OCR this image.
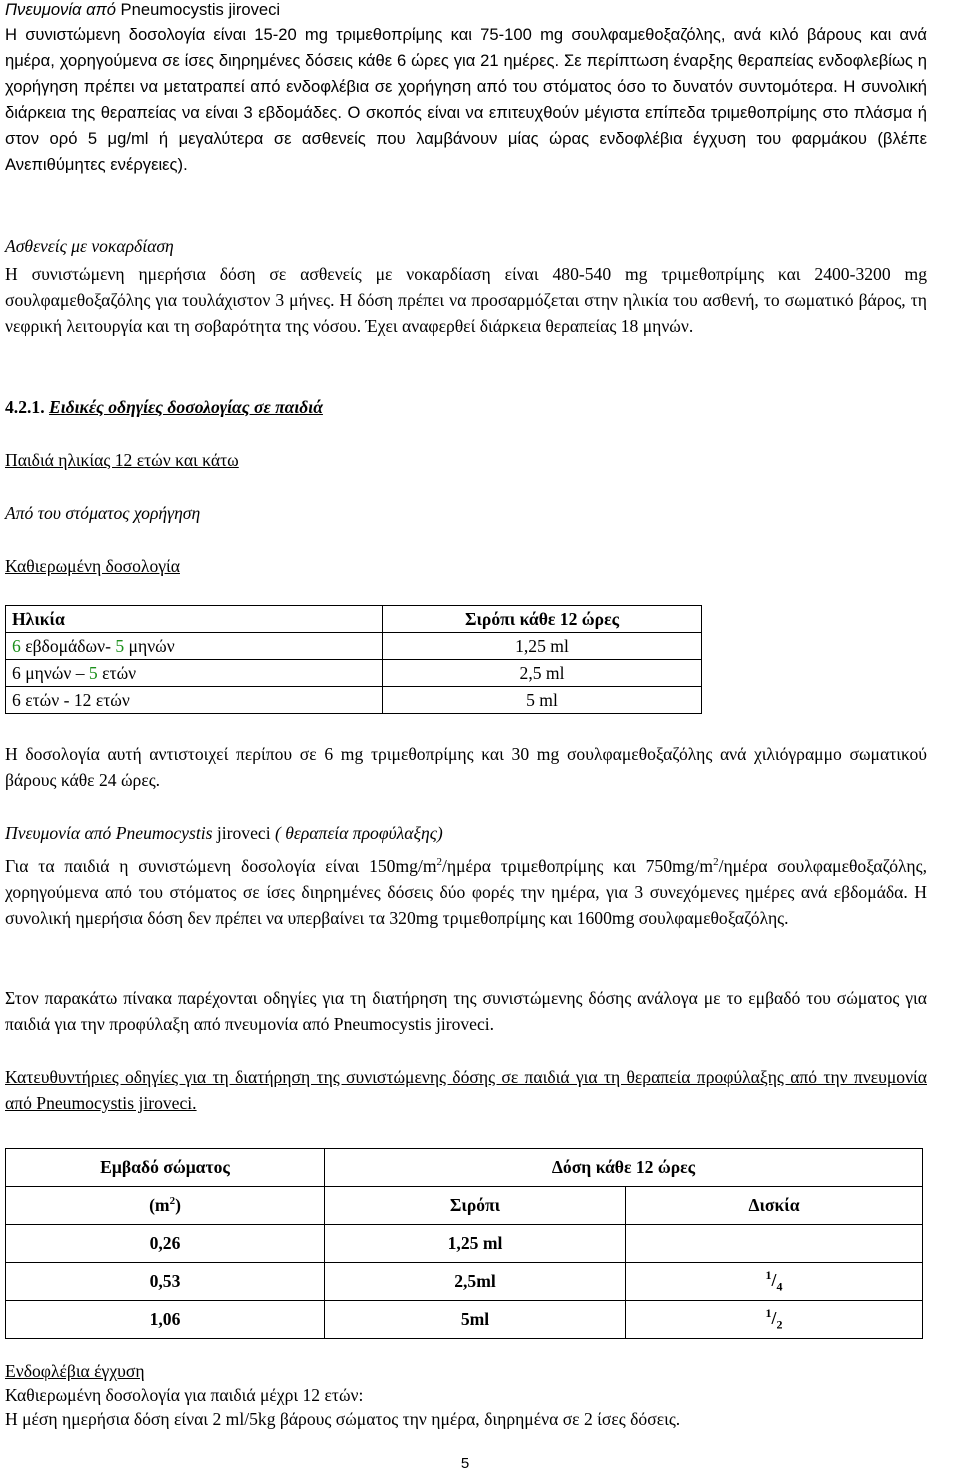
Πνευμονία από Pneumocystis jiroveci

Η συνιστώμενη δοσολογία είναι 15-20 mg τριμεθοπρίμης και 75-100 mg σουλφαμεθοξαζόλης, ανά κιλό βάρους και ανά ημέρα, χορηγούμενα σε ίσες διηρημένες δόσεις κάθε 6 ώρες για 21 ημέρες. Σε περίπτωση έναρξης θεραπείας ενδοφλεβίως η χορήγηση πρέπει να μετατραπεί από ενδοφλέβια σε χορήγηση από του στόματος όσο το δυνατόν συντομότερα. Η συνολική διάρκεια της θεραπείας να είναι 3 εβδομάδες. Ο σκοπός είναι να επιτευχθούν μέγιστα επίπεδα τριμεθοπρίμης στο πλάσμα ή στον ορό 5 μg/ml ή μεγαλύτερα σε ασθενείς που λαμβάνουν μίας ώρας ενδοφλέβια έγχυση του φαρμάκου (βλέπε Ανεπιθύμητες ενέργειες).

Ασθενείς με νοκαρδίαση

Η συνιστώμενη ημερήσια δόση σε ασθενείς με νοκαρδίαση είναι 480-540 mg τριμεθοπρίμης και 2400-3200 mg σουλφαμεθοξαζόλης για τουλάχιστον 3 μήνες. Η δόση πρέπει να προσαρμόζεται στην ηλικία του ασθενή, το σωματικό βάρος, τη νεφρική λειτουργία και τη σοβαρότητα της νόσου. Έχει αναφερθεί διάρκεια θεραπείας 18 μηνών.

4.2.1. Ειδικές οδηγίες δοσολογίας σε παιδιά

Παιδιά ηλικίας 12 ετών και κάτω

Από του στόματος χορήγηση

Καθιερωμένη δοσολογία

Ηλικία	Σιρόπι κάθε 12 ώρες
6 εβδομάδων- 5 μηνών	1,25 ml
6 μηνών – 5 ετών	2,5 ml
6 ετών - 12 ετών	5 ml

Η δοσολογία αυτή αντιστοιχεί περίπου σε 6 mg τριμεθοπρίμης και 30 mg σουλφαμεθοξαζόλης ανά χιλιόγραμμο σωματικού βάρους κάθε 24 ώρες.

Πνευμονία από Pneumocystis jiroveci ( θεραπεία προφύλαξης)

Για τα παιδιά η συνιστώμενη δοσολογία είναι $150mg/m^2$/ημέρα τριμεθοπρίμης και $750mg/m^2$/ημέρα σουλφαμεθοξαζόλης, χορηγούμενα από του στόματος σε ίσες διηρημένες δόσεις δύο φορές την ημέρα, για 3 συνεχόμενες ημέρες ανά εβδομάδα. Η συνολική ημερήσια δόση δεν πρέπει να υπερβαίνει τα 320mg τριμεθοπρίμης και 1600mg σουλφαμεθοξαζόλης.

Στον παρακάτω πίνακα παρέχονται οδηγίες για τη διατήρηση της συνιστώμενης δόσης ανάλογα με το εμβαδό του σώματος για παιδιά για την προφύλαξη από πνευμονία από Pneumocystis jiroveci.

Κατευθυντήριες οδηγίες για τη διατήρηση της συνιστώμενης δόσης σε παιδιά για τη θεραπεία προφύλαξης από την πνευμονία από Pneumocystis jiroveci.

Εμβαδό σώματος	Δόση κάθε 12 ώρες	
$(m^2)$	Σιρόπι	Δισκία
0,26	1,25 ml	
0,53	2,5ml	$^1/_4$
1,06	5ml	$^1/_2$

Ενδοφλέβια έγχυση

Καθιερωμένη δοσολογία για παιδιά μέχρι 12 ετών:

Η μέση ημερήσια δόση είναι 2 ml/5kg βάρους σώματος την ημέρα, διηρημένα σε 2 ίσες δόσεις.

5
